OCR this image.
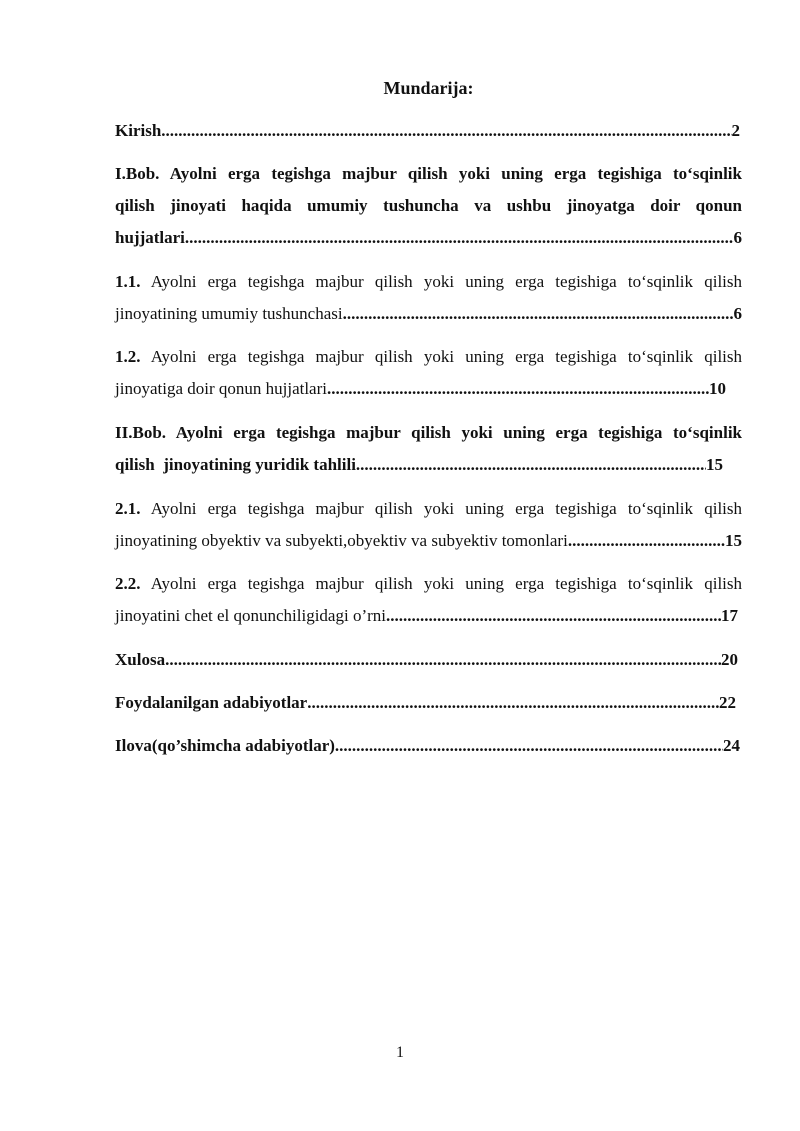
Mundarija:
Kirish .....	2
I.Bob. Ayolni erga tegishga majbur qilish yoki uning erga tegishiga to‘sqinlik
qilish jinoyati haqida umumiy tushuncha va ushbu jinoyatga doir qonun
hujjatlari .....	6
1.1. Ayolni erga tegishga majbur qilish yoki uning erga tegishiga to‘sqinlik qilish
jinoyatining umumiy tushunchasi .....	6
1.2. Ayolni erga tegishga majbur qilish yoki uning erga tegishiga to‘sqinlik qilish
jinoyatiga doir qonun hujjatlari .....	10
II.Bob. Ayolni erga tegishga majbur qilish yoki uning erga tegishiga to‘sqinlik
qilish  jinoyatining yuridik tahlili .....	15
2.1. Ayolni erga tegishga majbur qilish yoki uning erga tegishiga to‘sqinlik qilish
jinoyatining obyektiv va subyekti,obyektiv va subyektiv tomonlari .....	15
2.2. Ayolni erga tegishga majbur qilish yoki uning erga tegishiga to‘sqinlik qilish
jinoyatini chet el qonunchiligidagi o’rni .....	17
Xulosa .....	20
Foydalanilgan adabiyotlar .....	22
Ilova(qo’shimcha adabiyotlar) .....	24
1
